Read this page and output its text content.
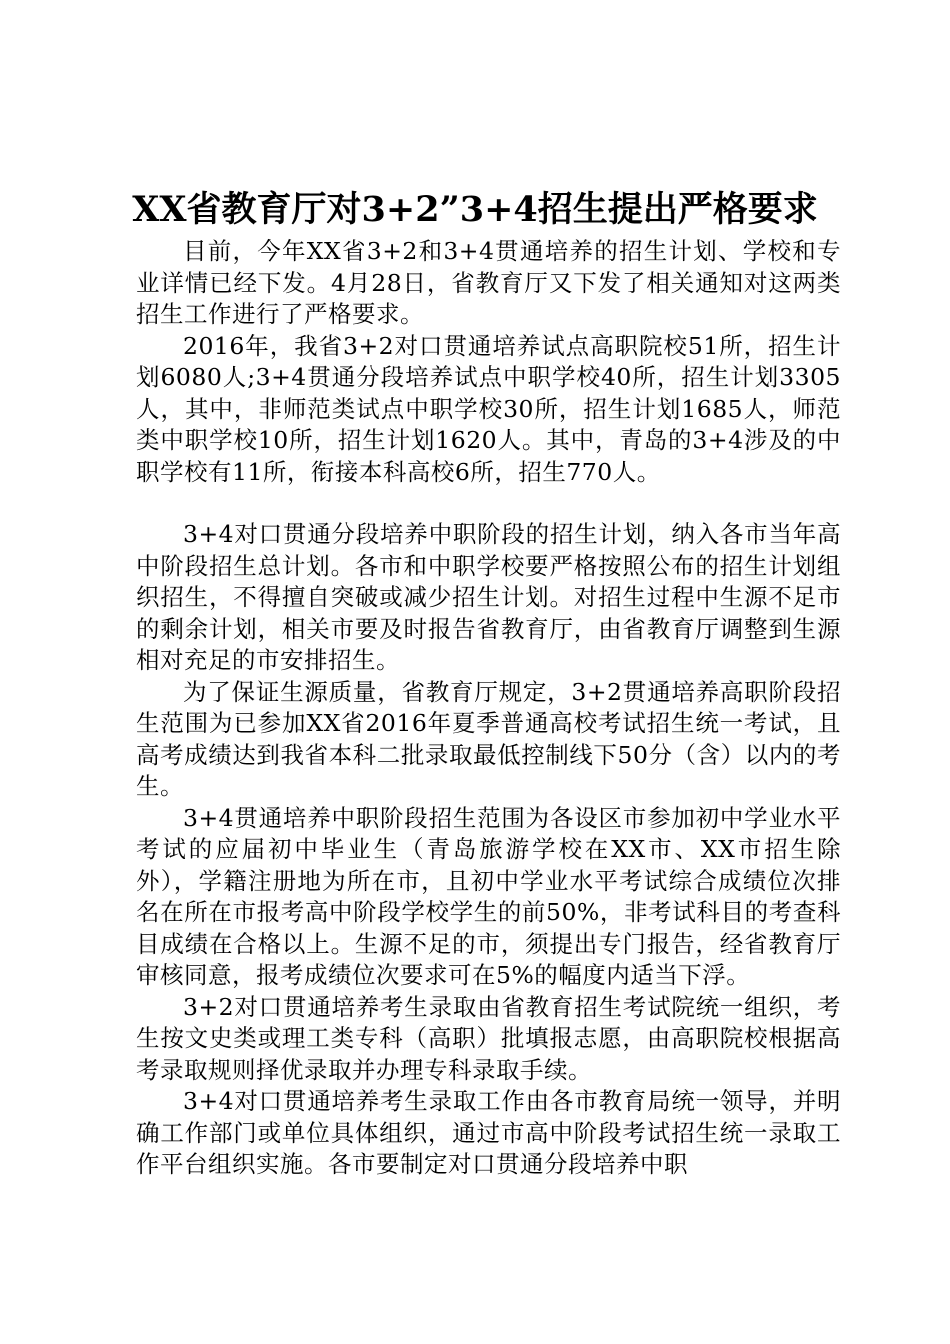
XX省教育厅对3+2”3+4招生提出严格要求

目前，今年XX省3+2和3+4贯通培养的招生计划、学校和专业详情已经下发。4月28日，省教育厅又下发了相关通知对这两类招生工作进行了严格要求。

2016年，我省3+2对口贯通培养试点高职院校51所，招生计划6080人;3+4贯通分段培养试点中职学校40所，招生计划3305人，其中，非师范类试点中职学校30所，招生计划1685人，师范类中职学校10所，招生计划1620人。其中，青岛的3+4涉及的中职学校有11所，衔接本科高校6所，招生770人。

3+4对口贯通分段培养中职阶段的招生计划，纳入各市当年高中阶段招生总计划。各市和中职学校要严格按照公布的招生计划组织招生，不得擅自突破或减少招生计划。对招生过程中生源不足市的剩余计划，相关市要及时报告省教育厅，由省教育厅调整到生源相对充足的市安排招生。

为了保证生源质量，省教育厅规定，3+2贯通培养高职阶段招生范围为已参加XX省2016年夏季普通高校考试招生统一考试，且高考成绩达到我省本科二批录取最低控制线下50分（含）以内的考生。

3+4贯通培养中职阶段招生范围为各设区市参加初中学业水平考试的应届初中毕业生（青岛旅游学校在XX市、XX市招生除外），学籍注册地为所在市，且初中学业水平考试综合成绩位次排名在所在市报考高中阶段学校学生的前50%，非考试科目的考查科目成绩在合格以上。生源不足的市，须提出专门报告，经省教育厅审核同意，报考成绩位次要求可在5%的幅度内适当下浮。

3+2对口贯通培养考生录取由省教育招生考试院统一组织，考生按文史类或理工类专科（高职）批填报志愿，由高职院校根据高考录取规则择优录取并办理专科录取手续。

3+4对口贯通培养考生录取工作由各市教育局统一领导，并明确工作部门或单位具体组织，通过市高中阶段考试招生统一录取工作平台组织实施。各市要制定对口贯通分段培养中职
